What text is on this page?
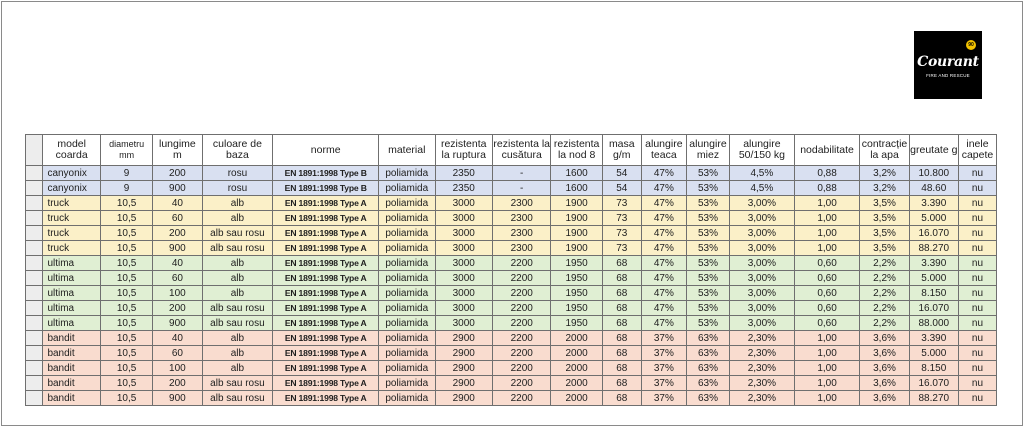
90
Courant
FIRE AND RESCUE
	model coarda	diametru mm	lungime m	culoare de baza	norme	material	rezistenta la ruptura	rezistenta la cusătura	rezistenta la nod 8	masa g/m	alungire teaca	alungire miez	alungire 50/150 kg	nodabilitate	contracție la apa	greutate g	inele capete
	canyonix	9	200	rosu	EN 1891:1998 Type B	poliamida	2350	-	1600	54	47%	53%	4,5%	0,88	3,2%	10.800	nu
	canyonix	9	900	rosu	EN 1891:1998 Type B	poliamida	2350	-	1600	54	47%	53%	4,5%	0,88	3,2%	48.60	nu
	truck	10,5	40	alb	EN 1891:1998 Type A	poliamida	3000	2300	1900	73	47%	53%	3,00%	1,00	3,5%	3.390	nu
	truck	10,5	60	alb	EN 1891:1998 Type A	poliamida	3000	2300	1900	73	47%	53%	3,00%	1,00	3,5%	5.000	nu
	truck	10,5	200	alb sau rosu	EN 1891:1998 Type A	poliamida	3000	2300	1900	73	47%	53%	3,00%	1,00	3,5%	16.070	nu
	truck	10,5	900	alb sau rosu	EN 1891:1998 Type A	poliamida	3000	2300	1900	73	47%	53%	3,00%	1,00	3,5%	88.270	nu
	ultima	10,5	40	alb	EN 1891:1998 Type A	poliamida	3000	2200	1950	68	47%	53%	3,00%	0,60	2,2%	3.390	nu
	ultima	10,5	60	alb	EN 1891:1998 Type A	poliamida	3000	2200	1950	68	47%	53%	3,00%	0,60	2,2%	5.000	nu
	ultima	10,5	100	alb	EN 1891:1998 Type A	poliamida	3000	2200	1950	68	47%	53%	3,00%	0,60	2,2%	8.150	nu
	ultima	10,5	200	alb sau rosu	EN 1891:1998 Type A	poliamida	3000	2200	1950	68	47%	53%	3,00%	0,60	2,2%	16.070	nu
	ultima	10,5	900	alb sau rosu	EN 1891:1998 Type A	poliamida	3000	2200	1950	68	47%	53%	3,00%	0,60	2,2%	88.000	nu
	bandit	10,5	40	alb	EN 1891:1998 Type A	poliamida	2900	2200	2000	68	37%	63%	2,30%	1,00	3,6%	3.390	nu
	bandit	10,5	60	alb	EN 1891:1998 Type A	poliamida	2900	2200	2000	68	37%	63%	2,30%	1,00	3,6%	5.000	nu
	bandit	10,5	100	alb	EN 1891:1998 Type A	poliamida	2900	2200	2000	68	37%	63%	2,30%	1,00	3,6%	8.150	nu
	bandit	10,5	200	alb sau rosu	EN 1891:1998 Type A	poliamida	2900	2200	2000	68	37%	63%	2,30%	1,00	3,6%	16.070	nu
	bandit	10,5	900	alb sau rosu	EN 1891:1998 Type A	poliamida	2900	2200	2000	68	37%	63%	2,30%	1,00	3,6%	88.270	nu
